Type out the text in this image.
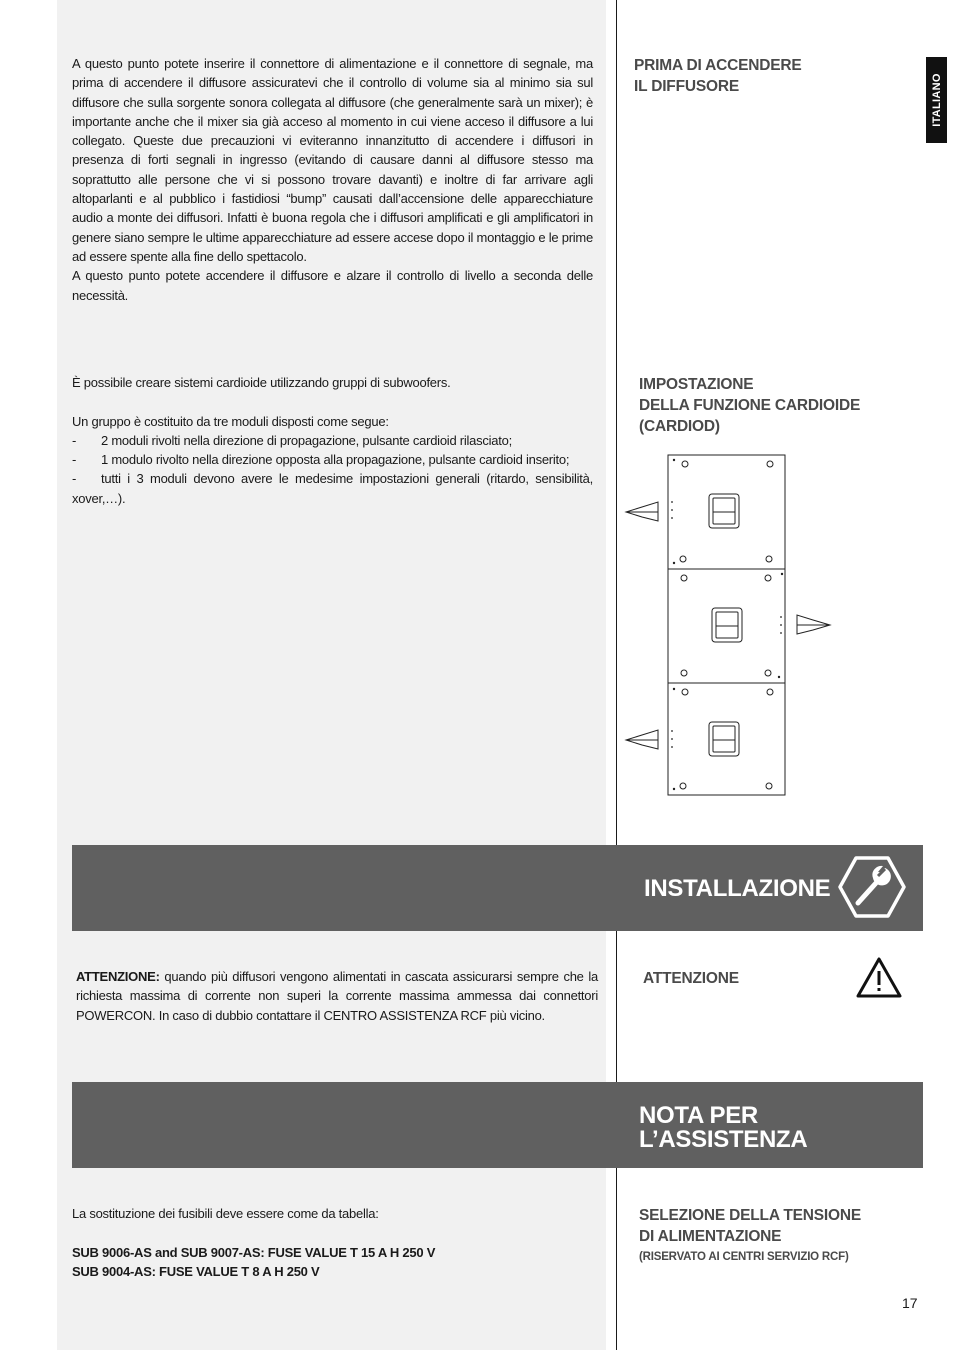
ITALIANO

A questo punto potete inserire il connettore di alimentazione e il connettore di segnale, ma prima di accendere il diffusore assicuratevi che il controllo di volume sia al minimo sia sul diffusore che sulla sorgente sonora collegata al diffusore (che generalmente sarà un mixer); è importante anche che il mixer sia già acceso al momento in cui viene acceso il diffusore a lui collegato. Queste due precauzioni vi eviteranno innanzitutto di accendere i diffusori in presenza di forti segnali in ingresso (evitando di causare danni al diffusore stesso ma soprattutto alle persone che vi si possono trovare davanti) e inoltre di far arrivare agli altoparlanti e al pubblico i fastidiosi “bump” causati dall’accensione delle apparecchiature audio a monte dei diffusori. Infatti è buona regola che i diffusori amplificati e gli amplificatori in genere siano sempre le ultime apparecchiature ad essere accese dopo il montaggio e le prime ad essere spente alla fine dello spettacolo.

A questo punto potete accendere il diffusore e alzare il controllo di livello a seconda delle necessità.

PRIMA DI ACCENDERE
IL DIFFUSORE

È possibile creare sistemi cardioide utilizzando gruppi di subwoofers.

Un gruppo è costituito da tre moduli disposti come segue:

-	2 moduli rivolti nella direzione di propagazione, pulsante cardioid rilasciato;
-	1 modulo rivolto nella direzione opposta alla propagazione, pulsante cardioid inserito;
- tutti i 3 moduli devono avere le medesime impostazioni generali (ritardo, sensibilità, xover,…).
IMPOSTAZIONE
DELLA FUNZIONE CARDIOIDE
(CARDIOD)
INSTALLAZIONE

ATTENZIONE: quando più diffusori vengono alimentati in cascata assicurarsi sempre che la richiesta massima di corrente non superi la corrente massima ammessa dai connettori POWERCON. In caso di dubbio contattare il CENTRO ASSISTENZA RCF più vicino.

ATTENZIONE
NOTA PER
L’ASSISTENZA

La sostituzione dei fusibili deve essere come da tabella:

SUB 9006-AS and SUB 9007-AS: FUSE VALUE T 15 A H 250 V

SUB 9004-AS: FUSE VALUE T 8 A H 250 V

SELEZIONE DELLA TENSIONE
DI ALIMENTAZIONE
(RISERVATO AI CENTRI SERVIZIO RCF)
17
